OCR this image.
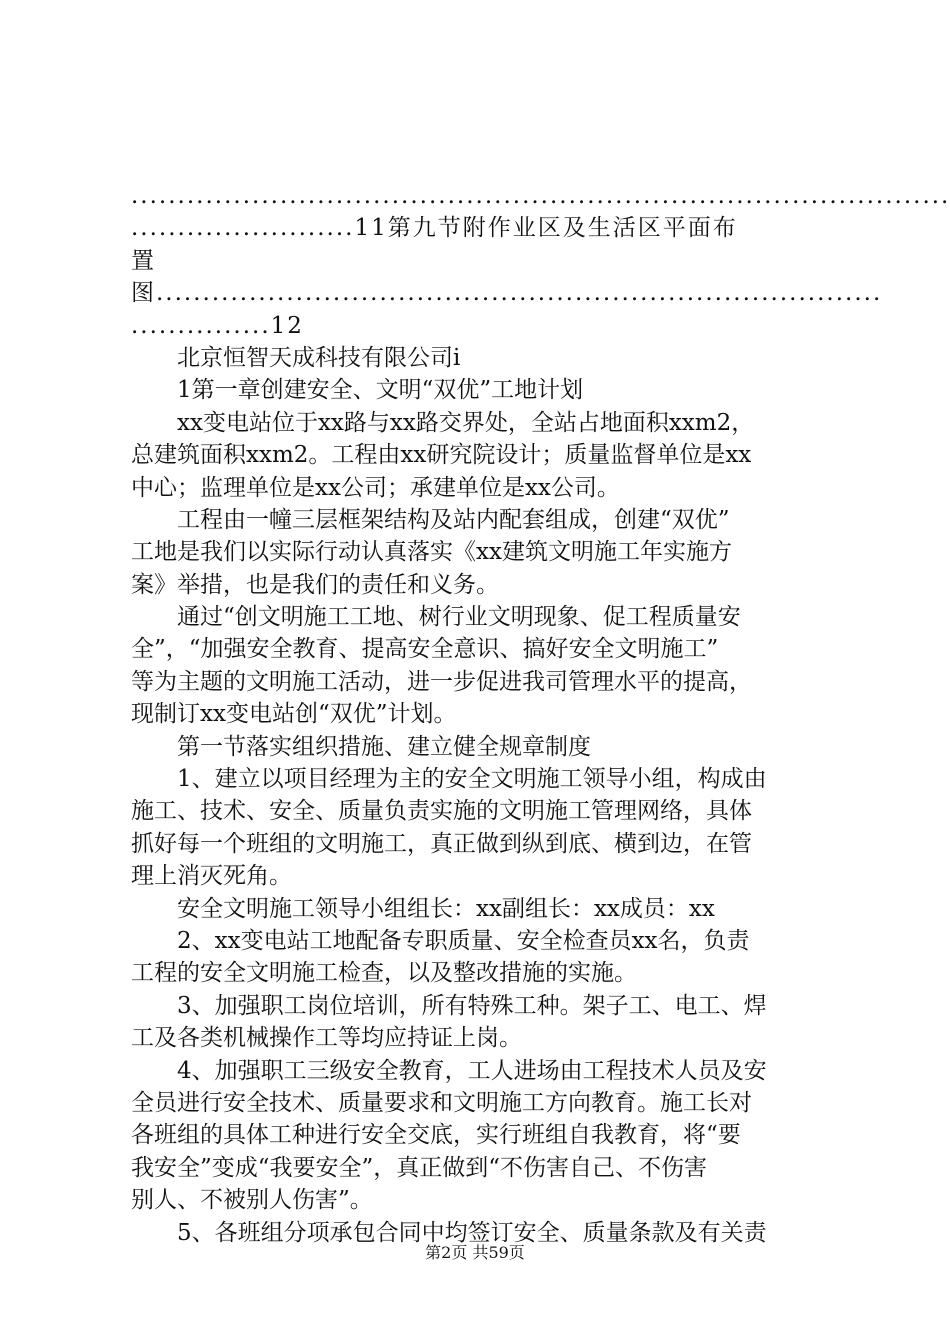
........................................................................................
........................11第九节附作业区及生活区平面布
置
图..............................................................................
...............12
北京恒智天成科技有限公司i
1第一章创建安全、文明“双优”工地计划
xx变电站位于xx路与xx路交界处，全站占地面积xxm2，
总建筑面积xxm2。工程由xx研究院设计；质量监督单位是xx
中心；监理单位是xx公司；承建单位是xx公司。
工程由一幢三层框架结构及站内配套组成，创建“双优”
工地是我们以实际行动认真落实《xx建筑文明施工年实施方
案》举措，也是我们的责任和义务。
通过“创文明施工工地、树行业文明现象、促工程质量安
全”，“加强安全教育、提高安全意识、搞好安全文明施工”
等为主题的文明施工活动，进一步促进我司管理水平的提高，
现制订xx变电站创“双优”计划。
第一节落实组织措施、建立健全规章制度
1、建立以项目经理为主的安全文明施工领导小组，构成由
施工、技术、安全、质量负责实施的文明施工管理网络，具体
抓好每一个班组的文明施工，真正做到纵到底、横到边，在管
理上消灭死角。
安全文明施工领导小组组长：xx副组长：xx成员：xx
2、xx变电站工地配备专职质量、安全检查员xx名，负责
工程的安全文明施工检查，以及整改措施的实施。
3、加强职工岗位培训，所有特殊工种。架子工、电工、焊
工及各类机械操作工等均应持证上岗。
4、加强职工三级安全教育，工人进场由工程技术人员及安
全员进行安全技术、质量要求和文明施工方向教育。施工长对
各班组的具体工种进行安全交底，实行班组自我教育，将“要
我安全”变成“我要安全”，真正做到“不伤害自己、不伤害
别人、不被别人伤害”。
5、各班组分项承包合同中均签订安全、质量条款及有关责
第2页 共59页
